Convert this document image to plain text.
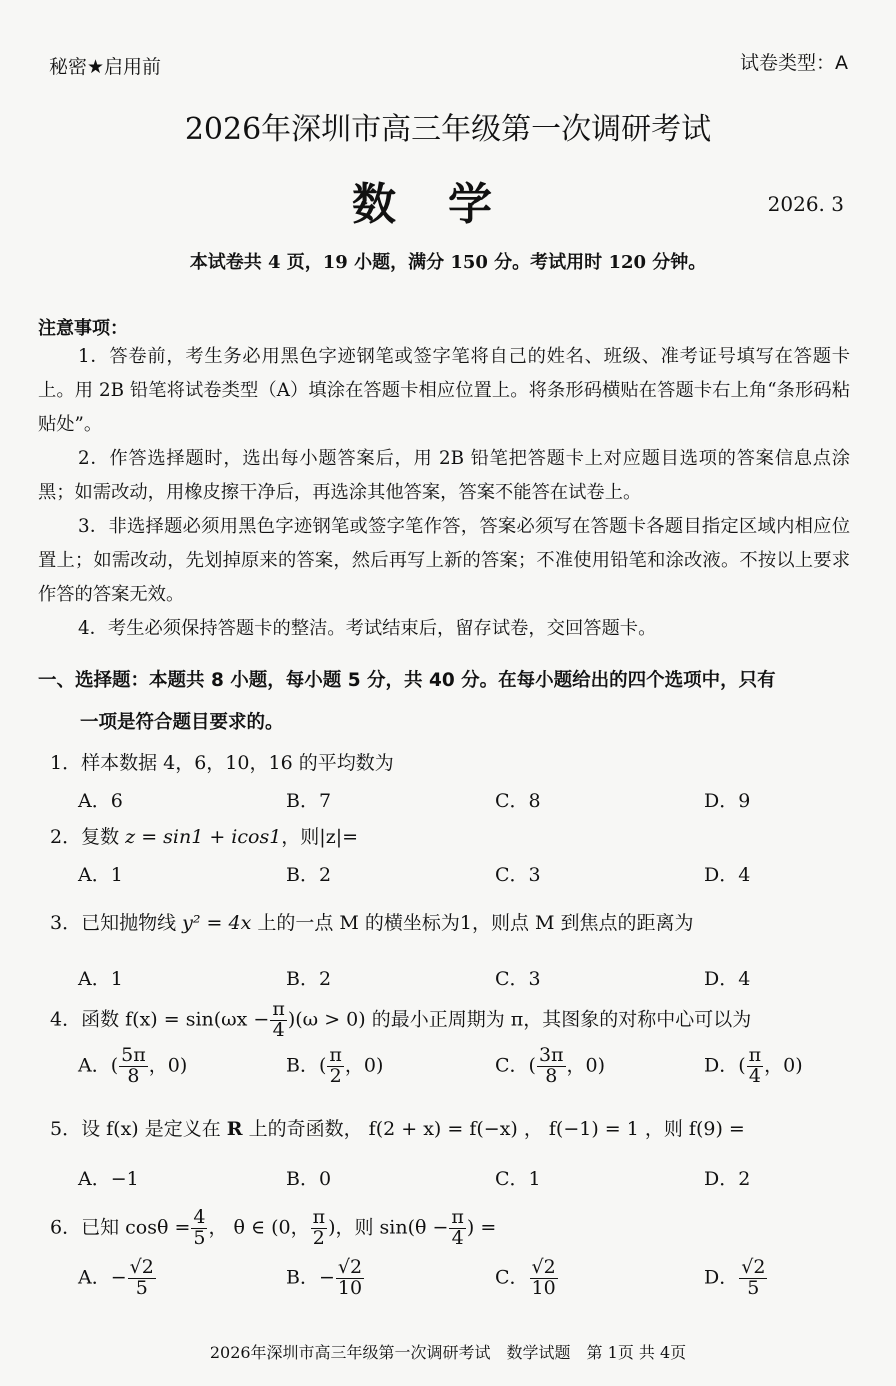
秘密★启用前	试卷类型：A
2026年深圳市高三年级第一次调研考试
数学	2026. 3
本试卷共 4 页，19 小题，满分 150 分。考试用时 120 分钟。
注意事项：

1．答卷前，考生务必用黑色字迹钢笔或签字笔将自己的姓名、班级、准考证号填写在答题卡上。用 2B 铅笔将试卷类型（A）填涂在答题卡相应位置上。将条形码横贴在答题卡右上角“条形码粘贴处”。

2．作答选择题时，选出每小题答案后，用 2B 铅笔把答题卡上对应题目选项的答案信息点涂黑；如需改动，用橡皮擦干净后，再选涂其他答案，答案不能答在试卷上。

3．非选择题必须用黑色字迹钢笔或签字笔作答，答案必须写在答题卡各题目指定区域内相应位置上；如需改动，先划掉原来的答案，然后再写上新的答案；不准使用铅笔和涂改液。不按以上要求作答的答案无效。

4．考生必须保持答题卡的整洁。考试结束后，留存试卷，交回答题卡。

一、选择题：本题共 8 小题，每小题 5 分，共 40 分。在每小题给出的四个选项中，只有
一项是符合题目要求的。
1．样本数据 4，6，10，16 的平均数为
A．6	B．7	C．8	D．9
2．复数 z = sin1 + icos1，则|z|=
A．1	B．2	C．3	D．4
3．已知抛物线 y² = 4x 上的一点 M 的横坐标为1，则点 M 到焦点的距离为
A．1	B．2	C．3	D．4
4．函数 $f(x) = \sin(\omega x - \frac{\pi}{4} )(\omega > 0)$ 的最小正周期为 π，其图象的对称中心可以为
A．( $\frac{5\pi}{8}$ ，0)	B．( $\frac{\pi}{2}$ ，0)	C．( $\frac{3\pi}{8}$ ，0)	D．( $\frac{\pi}{4}$ ，0)
5．设 f(x) 是定义在 R 上的奇函数， f(2 + x) = f(−x) ， f(−1) = 1 ，则 f(9) =
A．−1	B．0	C．1	D．2
6．已知 $\cos\theta = \frac{4}{5}$ ， θ ∈ (0， $\frac{\pi}{2}$ )，则 $\sin(\theta - \frac{\pi}{4}$ ) =
A．− $\frac{√2}{5}$	B．− $\frac{√2}{10}$	C． $\frac{√2}{10}$	D． $\frac{√2}{5}$
2026年深圳市高三年级第一次调研考试　数学试题　第 1页 共 4页
